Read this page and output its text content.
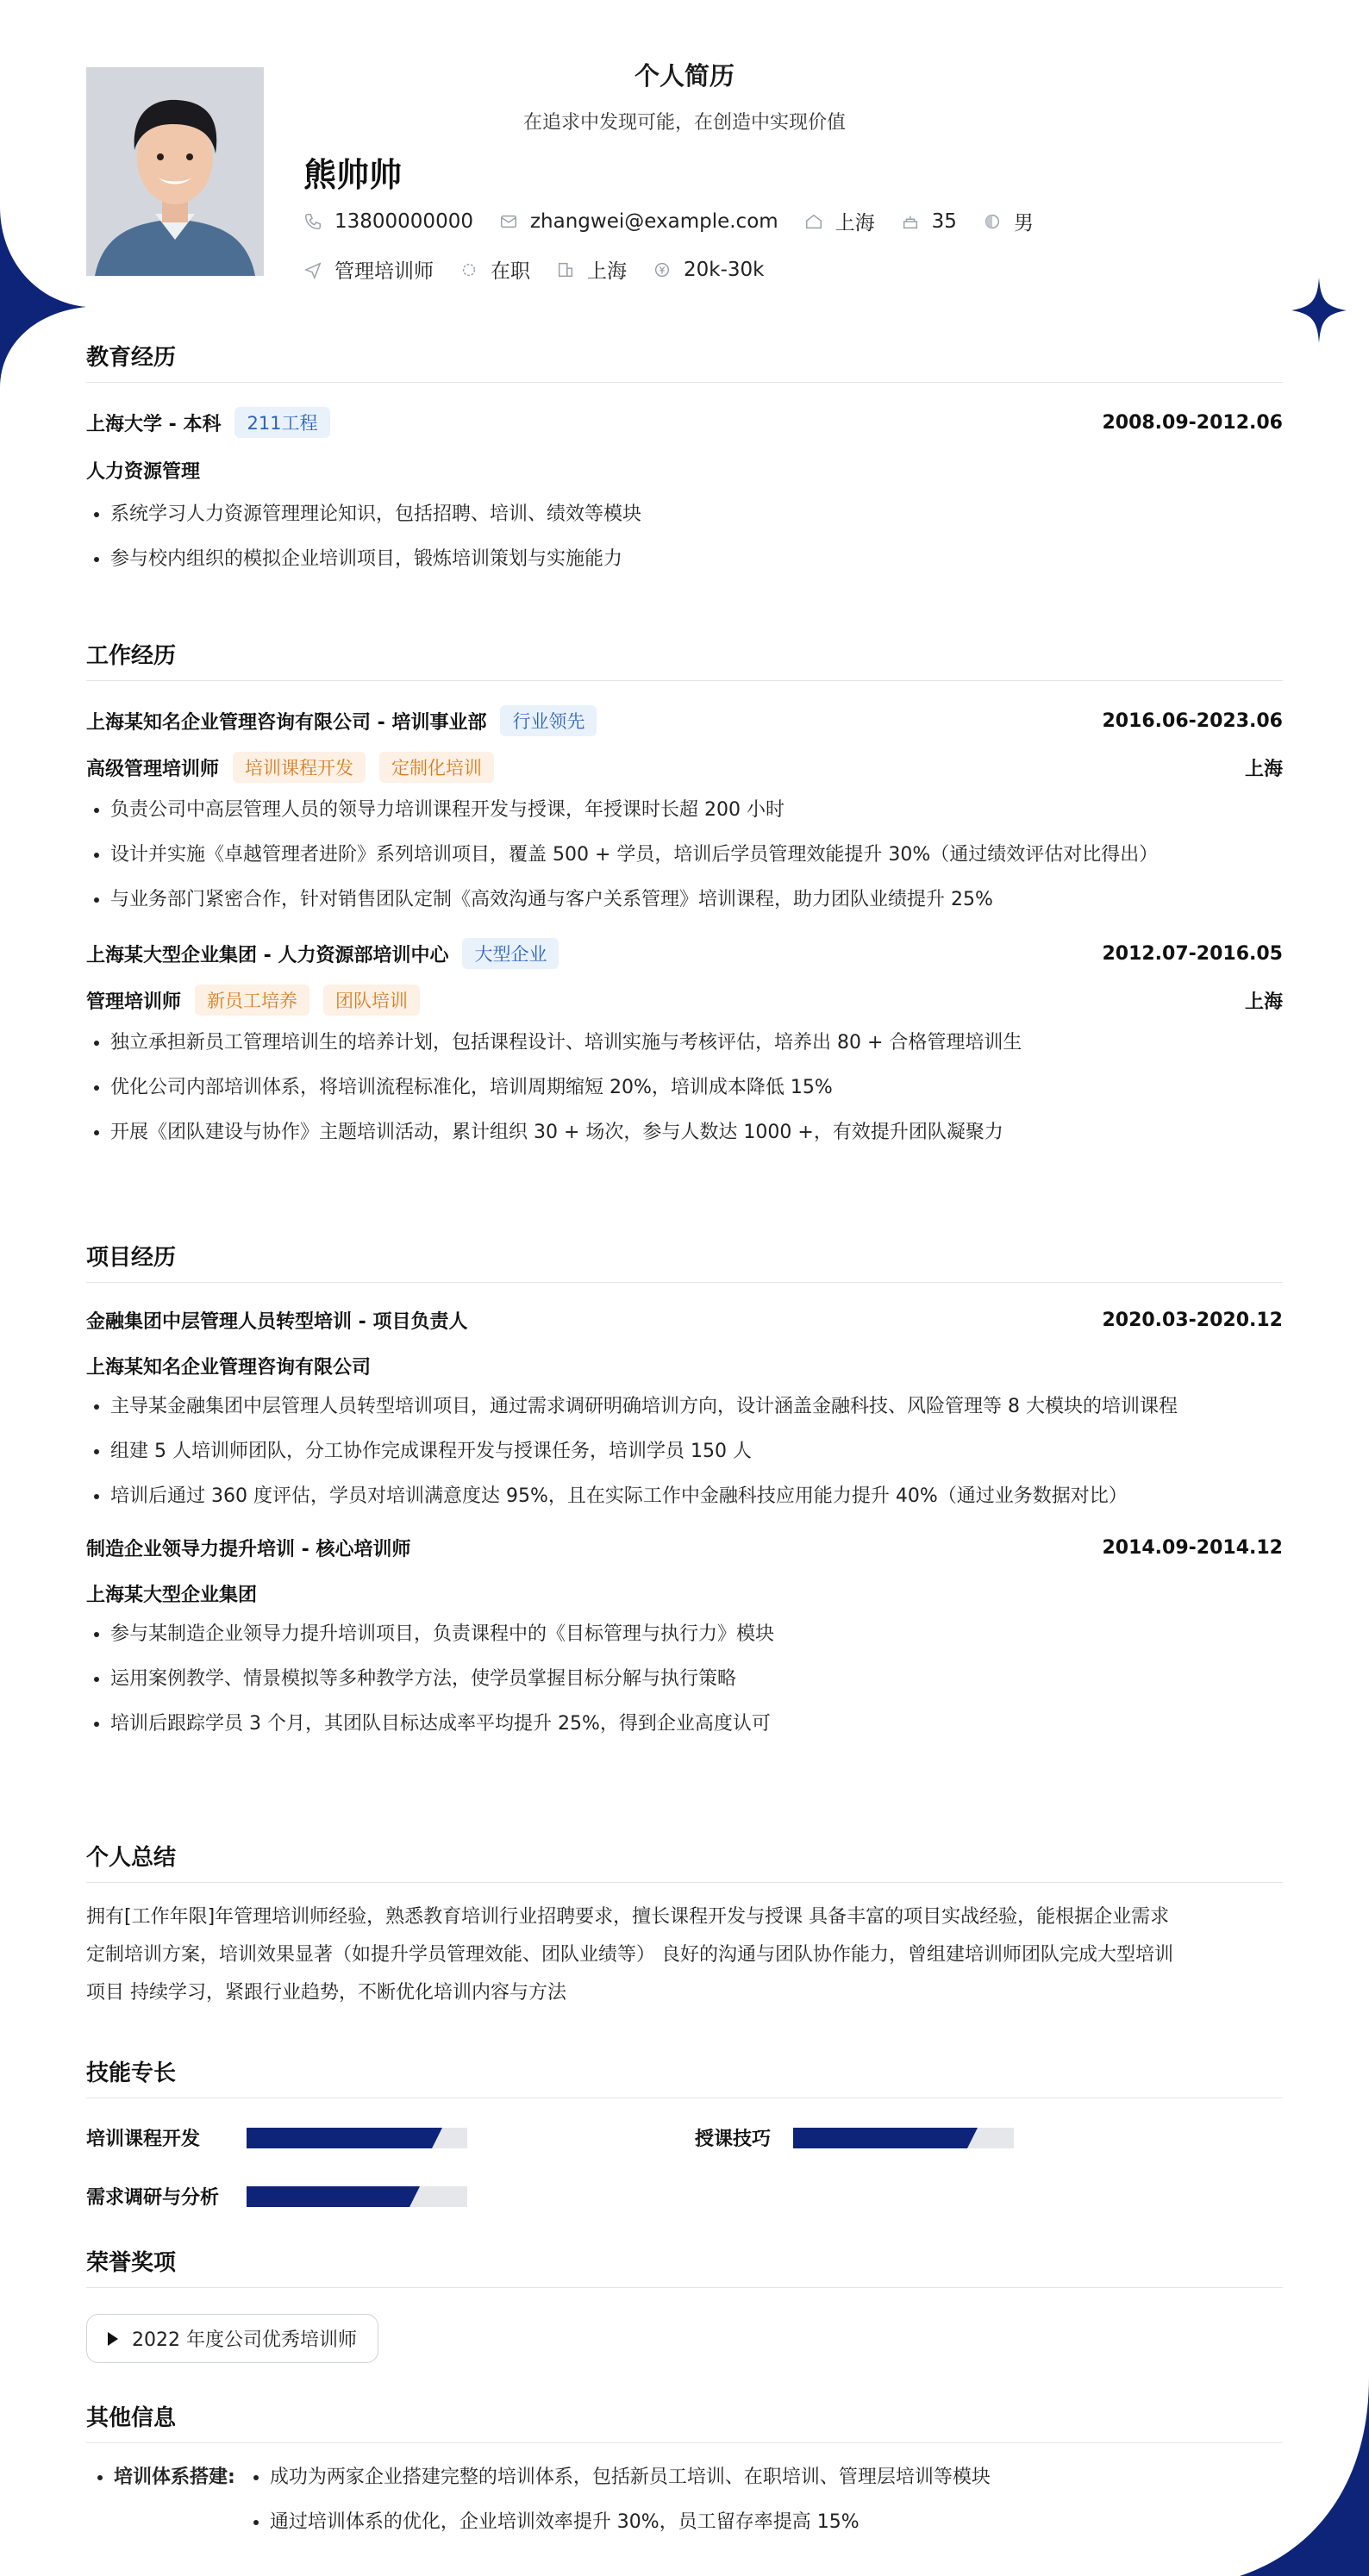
个人简历
在追求中发现可能，在创造中实现价值
熊帅帅
13800000000	zhangwei@example.com	上海	35	男
管理培训师	在职	上海	20k-30k
教育经历
上海大学 - 本科	211工程	2008.09-2012.06
人力资源管理
• 系统学习人力资源管理理论知识，包括招聘、培训、绩效等模块
• 参与校内组织的模拟企业培训项目，锻炼培训策划与实施能力
工作经历
上海某知名企业管理咨询有限公司 - 培训事业部	行业领先	2016.06-2023.06
高级管理培训师	培训课程开发	定制化培训	上海
• 负责公司中高层管理人员的领导力培训课程开发与授课，年授课时长超 200 小时
• 设计并实施《卓越管理者进阶》系列培训项目，覆盖 500 + 学员，培训后学员管理效能提升 30%（通过绩效评估对比得出）
• 与业务部门紧密合作，针对销售团队定制《高效沟通与客户关系管理》培训课程，助力团队业绩提升 25%
上海某大型企业集团 - 人力资源部培训中心	大型企业	2012.07-2016.05
管理培训师	新员工培养	团队培训	上海
• 独立承担新员工管理培训生的培养计划，包括课程设计、培训实施与考核评估，培养出 80 + 合格管理培训生
• 优化公司内部培训体系，将培训流程标准化，培训周期缩短 20%，培训成本降低 15%
• 开展《团队建设与协作》主题培训活动，累计组织 30 + 场次，参与人数达 1000 +，有效提升团队凝聚力
项目经历
金融集团中层管理人员转型培训 - 项目负责人	2020.03-2020.12
上海某知名企业管理咨询有限公司
• 主导某金融集团中层管理人员转型培训项目，通过需求调研明确培训方向，设计涵盖金融科技、风险管理等 8 大模块的培训课程
• 组建 5 人培训师团队，分工协作完成课程开发与授课任务，培训学员 150 人
• 培训后通过 360 度评估，学员对培训满意度达 95%，且在实际工作中金融科技应用能力提升 40%（通过业务数据对比）
制造企业领导力提升培训 - 核心培训师	2014.09-2014.12
上海某大型企业集团
• 参与某制造企业领导力提升培训项目，负责课程中的《目标管理与执行力》模块
• 运用案例教学、情景模拟等多种教学方法，使学员掌握目标分解与执行策略
• 培训后跟踪学员 3 个月，其团队目标达成率平均提升 25%，得到企业高度认可
个人总结
拥有[工作年限]年管理培训师经验，熟悉教育培训行业招聘要求，擅长课程开发与授课 具备丰富的项目实战经验，能根据企业需求
定制培训方案，培训效果显著（如提升学员管理效能、团队业绩等） 良好的沟通与团队协作能力，曾组建培训师团队完成大型培训
项目 持续学习，紧跟行业趋势，不断优化培训内容与方法
技能专长
培训课程开发	授课技巧
需求调研与分析
荣誉奖项
2022 年度公司优秀培训师
其他信息
• 培训体系搭建:
• 成功为两家企业搭建完整的培训体系，包括新员工培训、在职培训、管理层培训等模块
• 通过培训体系的优化，企业培训效率提升 30%，员工留存率提高 15%
